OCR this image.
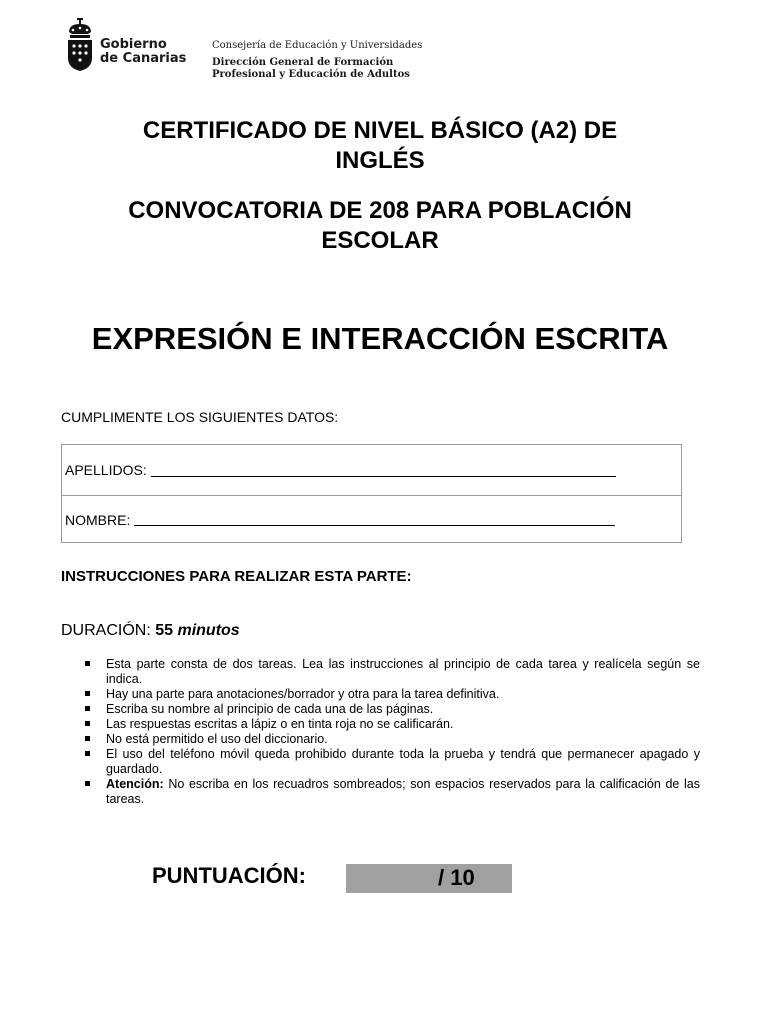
Gobierno
de Canarias
Consejería de Educación y Universidades
Dirección General de Formación
Profesional y Educación de Adultos
CERTIFICADO DE NIVEL BÁSICO (A2) DE
INGLÉS
CONVOCATORIA DE 208 PARA POBLACIÓN
ESCOLAR
EXPRESIÓN E INTERACCIÓN ESCRITA
CUMPLIMENTE LOS SIGUIENTES DATOS:
APELLIDOS:
NOMBRE:
INSTRUCCIONES PARA REALIZAR ESTA PARTE:
DURACIÓN: 55 minutos
Esta parte consta de dos tareas. Lea las instrucciones al principio de cada tarea y realícela según se indica.
Hay una parte para anotaciones/borrador y otra para la tarea definitiva.
Escriba su nombre al principio de cada una de las páginas.
Las respuestas escritas a lápiz o en tinta roja no se calificarán.
No está permitido el uso del diccionario.
El uso del teléfono móvil queda prohibido durante toda la prueba y tendrá que permanecer apagado y guardado.
Atención: No escriba en los recuadros sombreados; son espacios reservados para la calificación de las tareas.
PUNTUACIÓN:	/ 10
